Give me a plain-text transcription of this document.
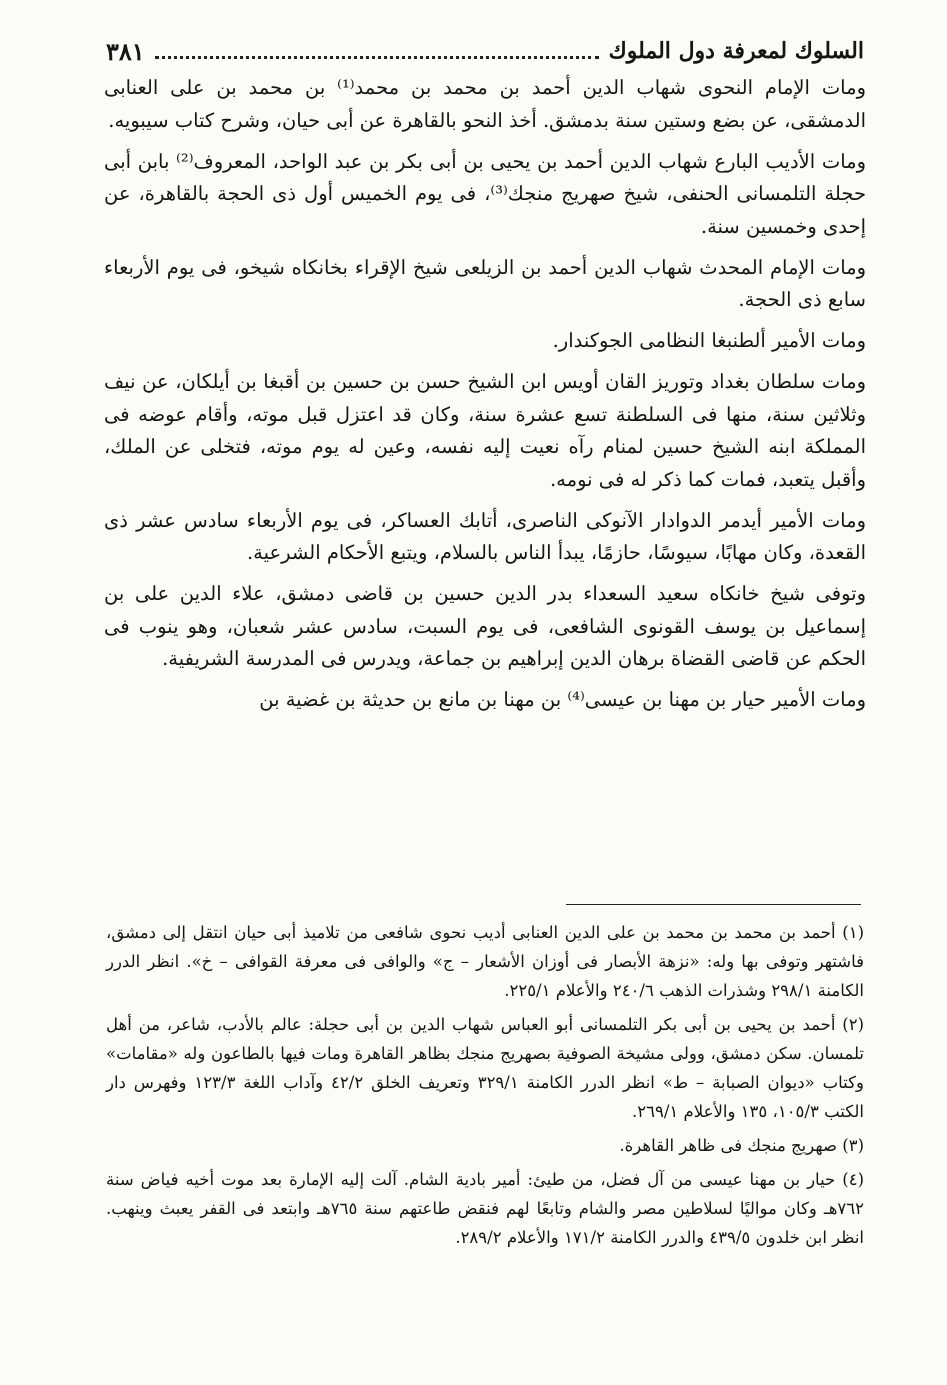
السلوك لمعرفة دول الملوك
٣٨١

ومات الإمام النحوى شهاب الدين أحمد بن محمد بن محمد⁽¹⁾ بن محمد بن على العنابى الدمشقى، عن بضع وستين سنة بدمشق. أخذ النحو بالقاهرة عن أبى حيان، وشرح كتاب سيبويه.

ومات الأديب البارع شهاب الدين أحمد بن يحيى بن أبى بكر بن عبد الواحد، المعروف⁽²⁾ بابن أبى حجلة التلمسانى الحنفى، شيخ صهريج منجك⁽³⁾، فى يوم الخميس أول ذى الحجة بالقاهرة، عن إحدى وخمسين سنة.

ومات الإمام المحدث شهاب الدين أحمد بن الزيلعى شيخ الإقراء بخانكاه شيخو، فى يوم الأربعاء سابع ذى الحجة.

ومات الأمير ألطنبغا النظامى الجوكندار.

ومات سلطان بغداد وتوريز القان أويس ابن الشيخ حسن بن حسين بن أقبغا بن أيلكان، عن نيف وثلاثين سنة، منها فى السلطنة تسع عشرة سنة، وكان قد اعتزل قبل موته، وأقام عوضه فى المملكة ابنه الشيخ حسين لمنام رآه نعيت إليه نفسه، وعين له يوم موته، فتخلى عن الملك، وأقبل يتعبد، فمات كما ذكر له فى نومه.

ومات الأمير أيدمر الدوادار الآنوكى الناصرى، أتابك العساكر، فى يوم الأربعاء سادس عشر ذى القعدة، وكان مهابًا، سيوسًا، حازمًا، يبدأ الناس بالسلام، ويتبع الأحكام الشرعية.

وتوفى شيخ خانكاه سعيد السعداء بدر الدين حسين بن قاضى دمشق، علاء الدين على بن إسماعيل بن يوسف القونوى الشافعى، فى يوم السبت، سادس عشر شعبان، وهو ينوب فى الحكم عن قاضى القضاة برهان الدين إبراهيم بن جماعة، ويدرس فى المدرسة الشريفية.

ومات الأمير حيار بن مهنا بن عيسى⁽⁴⁾ بن مهنا بن مانع بن حديثة بن غضية بن

(١) أحمد بن محمد بن محمد بن على الدين العنابى أديب نحوى شافعى من تلاميذ أبى حيان انتقل إلى دمشق، فاشتهر وتوفى بها وله: «نزهة الأبصار فى أوزان الأشعار – ج» والوافى فى معرفة القوافى – خ». انظر الدرر الكامنة ٢٩٨/١ وشذرات الذهب ٢٤٠/٦ والأعلام ٢٢٥/١.

(٢) أحمد بن يحيى بن أبى بكر التلمسانى أبو العباس شهاب الدين بن أبى حجلة: عالم بالأدب، شاعر، من أهل تلمسان. سكن دمشق، وولى مشيخة الصوفية بصهريج منجك بظاهر القاهرة ومات فيها بالطاعون وله «مقامات» وكتاب «ديوان الصبابة – ط» انظر الدرر الكامنة ٣٢٩/١ وتعريف الخلق ٤٢/٢ وآداب اللغة ١٢٣/٣ وفهرس دار الكتب ١٠٥/٣، ١٣٥ والأعلام ٢٦٩/١.

(٣) صهريج منجك فى ظاهر القاهرة.

(٤) حيار بن مهنا عيسى من آل فضل، من طيئ: أمير بادية الشام. آلت إليه الإمارة بعد موت أخيه فياض سنة ٧٦٢هـ وكان مواليًا لسلاطين مصر والشام وتابعًا لهم فنقض طاعتهم سنة ٧٦٥هـ وابتعد فى القفر يعبث وينهب. انظر ابن خلدون ٤٣٩/٥ والدرر الكامنة ١٧١/٢ والأعلام ٢٨٩/٢.
